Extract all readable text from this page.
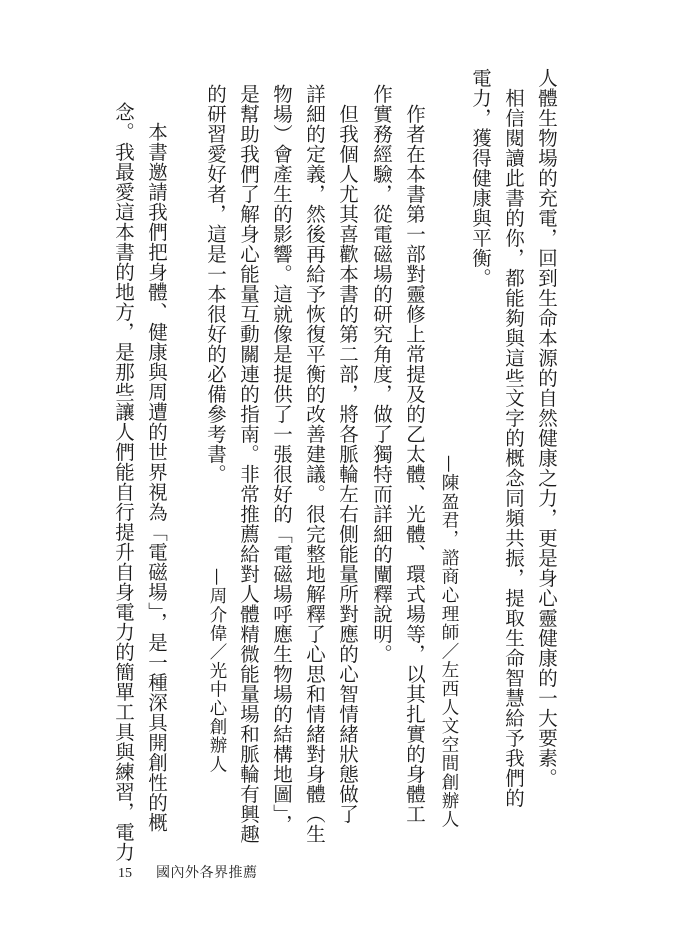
人體生物場的充電，回到生命本源的自然健康之力，更是身心靈健康的一大要素。
　相信閱讀此書的你，都能夠與這些文字的概念同頻共振，提取生命智慧給予我們的
電力，獲得健康與平衡。
—陳盈君，諮商心理師／左西人文空間創辦人
　作者在本書第一部對靈修上常提及的乙太體、光體、環式場等，以其扎實的身體工
作實務經驗，從電磁場的研究角度，做了獨特而詳細的闡釋說明。
　但我個人尤其喜歡本書的第二部，將各脈輪左右側能量所對應的心智情緒狀態做了
詳細的定義，然後再給予恢復平衡的改善建議。很完整地解釋了心思和情緒對身體（生
物場）會產生的影響。這就像是提供了一張很好的「電磁場呼應生物場的結構地圖」，
是幫助我們了解身心能量互動關連的指南。非常推薦給對人體精微能量場和脈輪有興趣
的研習愛好者，這是一本很好的必備參考書。
—周介偉／光中心創辦人
　本書邀請我們把身體、健康與周遭的世界視為「電磁場」，是一種深具開創性的概
念。我最愛這本書的地方，是那些讓人們能自行提升自身電力的簡單工具與練習，電力
15	國內外各界推薦
